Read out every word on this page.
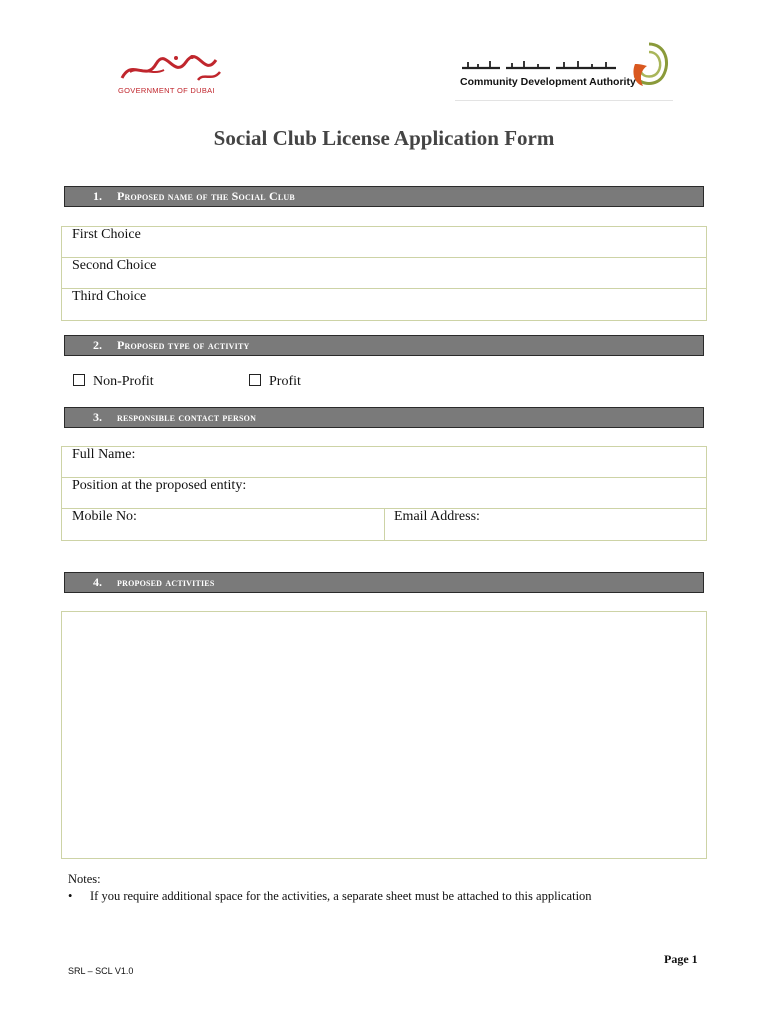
GOVERNMENT OF DUBAI
Community Development Authority
Social Club License Application Form
1. Proposed name of the Social Club
First Choice
Second Choice
Third Choice
2. Proposed type of activity
Non-Profit	Profit
3. responsible contact person
Full Name:
Position at the proposed entity:
Mobile No:	Email Address:
4. proposed activities
Notes:
• If you require additional space for the activities, a separate sheet must be attached to this application
Page 1
SRL – SCL V1.0
